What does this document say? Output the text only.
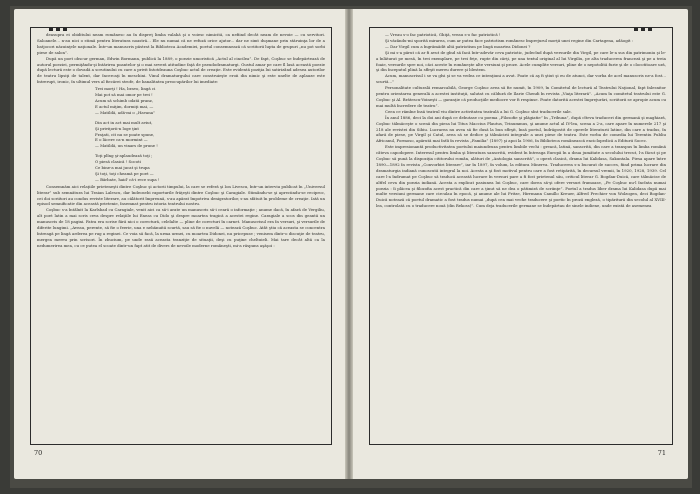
deasupra ei obiditului neam românesc au în dispreţ limba valahă şi o voiesc nimicită, ca nefiind decât neam de nevoie — cu servitori. Saloanele... n-au nici o stimă pentru literatura noastră... Ele nu numai că ne refuză orice ajutor... dar ne simt duşmane prin stăruinţa lor de a batjocori năzuinţele naţionale. Într-un manuscris păstrat la Biblioteca Academiei, poetul consemnează că scriitorii lupta de grupuri „nu pot sorbi piese de salon”.

După un poet obscur german, Edwin Bormann, publică la 1889, o poezie umoristică „Actul al cincilea”. De fapt, Coşbuc se îndepărtează de autorul poeziei, permiţându-şi întărirea poantelor şi o mai severă atitudine faţă de pseudodramaturgi. Gustul amar pe care îl lasă această poezie după lectură este o dovadă a scrutinului cu care a privit întotdeauna Coşbuc actul de creaţie. Este evidentă poziţia lui satirizând adesea autorilor de teatru lipsiţi de talent, dar încercaţi în meschini. Vinul dramaturgului care construieşte eroii din nimic şi este unelte de aplauze este întrerupt, ironic, în ultimul vers al fiecărei strofe, de banalitatea preocupărilor lui imediate:

Trei morţi ! Ha, bravo, lingă ci
Mai pot să mai omor pe trei !
Acum să schimb odată pranz,
E actul miţim, dormiţi mai, —
— Matildă, adă-mi o „Havana”
Din act in act mai mult aviut,
Şi priviţorii-n loge ţint
Fraţati, cit nu se poate spune,
E o lăcere ca-n mormint —
— Matildă, un vinars de prune !
Toţi plîng şi-aplaudează toţi ;
O piesă clasică ! Socoti
Ce bine-a mai jucat şi trupa
Şi toţi, toţi cheamă pe poet —
— Bărbate, haid' că-i rece supa !

Consemnăm aici relaţiile prieteneşti dintre Coşbuc şi actorii timpului, la care se referă şi Ion Livescu, într-un interviu publicat în „Universul literar” sub semnătura lui Traian Lalescu, dar îndeosebi raporturile frăţeşti dintre Coşbuc şi Caragiale. Stimându-se şi apreciindu-se reciproc, cei doi scriitori au condus reviste literare, au călătorit împreună, s-au apărat împotriva denigratorilor, s-au sfătuit în probleme de creaţie. Iată un episod semnificativ din această prietenie, însemnat pentru istoria teatrului nostru.

Coşbuc s-a întâlnit la Karlsbad cu Caragiale, venit aici ca să-i arate un manuscris să-i ceară o informaţie ; anume dacă, în afară de Vergiliu, alt poet latin a mai scris ceva despre relaţiile lui Eneas cu Dido şi despre moartea tragică a acestei regine. Caragiale a scos din geantă un manuscris de 18 pagini. Fatra era scrise fără nici o corectură, celelalte — pline de corecturi în carnet. Manuscrisul era în versuri, şi versurile de diferite lungimi. „Aveau, perente, să fie o feerie, una e nebănuită scurtă, sau să fie o nuvelă — notează Coşbuc. Atât ştiu că aceasta se concentra întreagă pe lingă arderea pe rug a reginei. Ce voia să facă, la urma urmei, cu moartea Didonei, nu pricepuse ; venisem dintr-o discuţie de teatru, mergea mereu prin scrisori. În zbucium, pe unde rasă aceasta tranziţie de situaţii, deşi cu puţine cheltuieli. Mai tare decât altă ca la nedumerirea mea, cu ce putea el scoate dintr-un fapt atit de divers de nevoile moderne româneşti, mi-a răspuns aşăşoi :

70

— Vreau s-o fac patriotică, Ghiţă, vreau s-o fac patriotică !

Şi văzându-mi sporită mirarea, cum ar putea face patriotism românesc împrejurul morţii unei regine din Cartagena, adăogit :

— Dar Virgil cum a îngrămădit altă patriotism pe lingă moartea Didonei ?

Şi mi s-a părut că ar fi avut de gînd să facă într-adevăr ceva patriotic, judecînd după versurile din Virgil, pe care le-a sus din patrimoniu şi le-a înlăturat pe mesă, în trei exemplare, pe trei feţe, rupte din cărţi, pe una textul original al lui Virgiliu, pe alta traducerea franceză şi pe a treia foaie, versurile spre noi, căci aceste în româneşte alte versiuni şi proze. Acele cumplite versuri, pline de o nepotolită furie şi de o clocotitoare ură, şi din începutul plină la sfîrşit mereu durere şi blestem.

Acum, manuscrisul i se va gîsi şi se va vedea ce intenţiuni a avut. Poate că aş fi ştiut şi eu de atunci, dar vorba de acel manuscris ne-a fost... scurtă...”

Personalitate culturală remarcabilă, George Coşbuc avea să fie numit, în 1909, în Comitetul de lectură al Teatrului Naţional, fapt înlesnitor pentru orientarea generală a acestei instituţii, salutat cu căldură de Ilarie Chendi în revista „Viaţa literară”. „Acum în comitetul teatrului este G. Coşbuc şi Al. Brătescu-Voineşti — garanţie că producţiile mediocre vor fi respinse. Poate datorită acestei împrejurări, scriitorii se apropie acum cu mai multă încredere de teatru”.

Ceea ce rămîne însă teatrul viu dintre activitatea teatrală a lui G. Coşbuc sînt traducerile sale.

În anul 1886, deci la doi ani după ce debutase cu poema „Filosofie şi plăgiatie” în „Tribuna”, după cîteva traduceri din germană şi maghiară, Coşbuc tălmăceşte o scenă din piesa lui Titus Maccius Plautus, Trinummus, şi anume actul al IV-lea, scena a 2-a, care apare în numerele 217 şi 218 ale revistei din Sibiu. Lucrarea nu avea să fie dusă la bun sfîrşit, însă poetul, îndrăgostit de operele literaturii latine, din care a tradus, în afară de piese, pe Virgil şi Catul, avea să se dedice şi tălmăcirii integrale a unei piese de teatru. Este vorba de comedia lui Terentiu Publiu Africanul, Formoso, apărută mai întîi în revista „Familia” (1897) şi apoi la 1906, în Biblioteca românească enciclopedică a Editurii Socec.

Este impresionantă productivitatea poetului maiundeuza pentru limbile vechi : greacă, latină, sanscrită, din care a transpus în limba română câteva capodopere. Interesul pentru limba şi literatura sanscrită, evident în întreaga Europă în a doua jumătate a secolului trecut, l-a făcut şi pe Coşbuc să pună la dispoziţia cititorului român, alături de „Antologia sanscrită”, o operă clasică, drama lui Kalidasa, Sakuntala. Piesa apare între 1890—1892 în revista „Convorbiri literare”, iar în 1897, în volum, la editura Minerva. Traducerea s-a bucurat de succes, fiind prima lucrare din dramaturgia indiană cunoscută integral la noi. Acesta a şi fost motivul pentru care a fost retipărită, în decursul vremii, în 1920, 1928, 1939. Cel care l-a îndrumat pe Coşbuc să traducă această lucrare în versuri pare a fi fost prietenul său, criticul literar G. Bogdan-Duică, care tălmăcise de altfel ceva din poezia indiană. Acesta a explicat pasiunea lui Coşbuc, care dorea să-şi ofere versuri frumoase, „Pe Coşbuc nu-l încînta numai poezia : îi plăcea şi filozofia acest practică din care a ţinut să ne dea o pătimiră de scriinţe”. Poetul a tradus liber drama lui Kalidasa după mai multe versiuni germane care circulau în epocă, şi anume ale lui Fritze, Hirrmann Camillo Kreuer, Alfred Frechier von Wolzogen, deci Bogdan-Duică notează că poetul dramatic a fost tradus numai „după cea mai veche traducere şi poetic în proză engleză, o tipăritură din secolul al XVIII-lea, controlată cu o traducere nouă (din Rekoss)”. Cum deja traducerile germane se îndepărtau de sinele indiene, unde există de asemenea

71
